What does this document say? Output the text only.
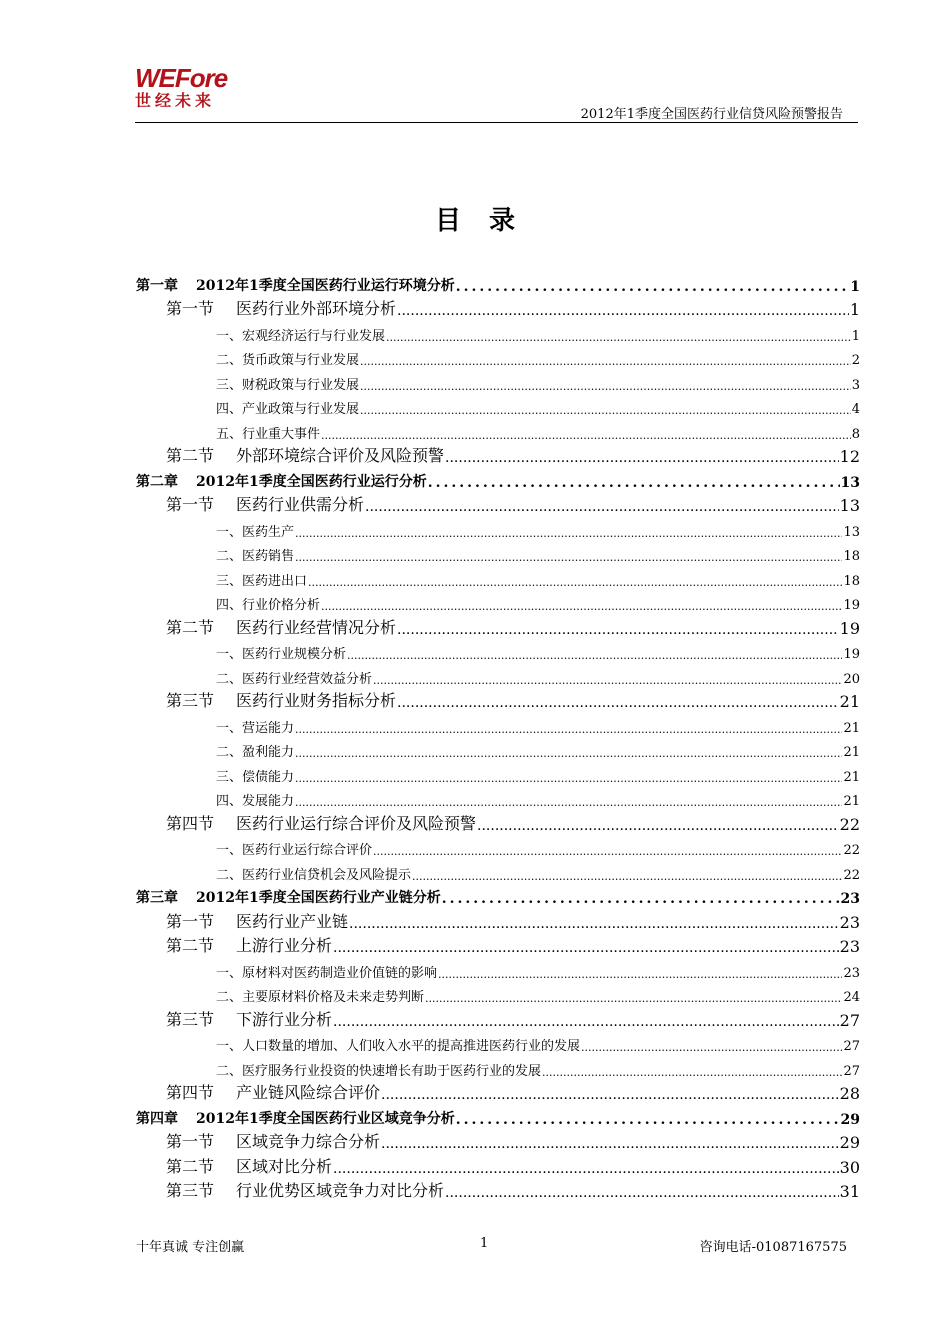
WEFore
世经未来
2012年1季度全国医药行业信贷风险预警报告
目录
第一章 2012年1季度全国医药行业运行环境分析 .....	1
第一节 医药行业外部环境分析 .....	1
一、宏观经济运行与行业发展 .....	1
二、货币政策与行业发展 .....	2
三、财税政策与行业发展 .....	3
四、产业政策与行业发展 .....	4
五、行业重大事件 .....	8
第二节 外部环境综合评价及风险预警 .....	12
第二章 2012年1季度全国医药行业运行分析 .....	13
第一节 医药行业供需分析 .....	13
一、医药生产 .....	13
二、医药销售 .....	18
三、医药进出口 .....	18
四、行业价格分析 .....	19
第二节 医药行业经营情况分析 .....	19
一、医药行业规模分析 .....	19
二、医药行业经营效益分析 .....	20
第三节 医药行业财务指标分析 .....	21
一、营运能力 .....	21
二、盈利能力 .....	21
三、偿债能力 .....	21
四、发展能力 .....	21
第四节 医药行业运行综合评价及风险预警 .....	22
一、医药行业运行综合评价 .....	22
二、医药行业信贷机会及风险提示 .....	22
第三章 2012年1季度全国医药行业产业链分析 .....	23
第一节 医药行业产业链 .....	23
第二节 上游行业分析 .....	23
一、原材料对医药制造业价值链的影响 .....	23
二、主要原材料价格及未来走势判断 .....	24
第三节 下游行业分析 .....	27
一、人口数量的增加、人们收入水平的提高推进医药行业的发展 .....	27
二、医疗服务行业投资的快速增长有助于医药行业的发展 .....	27
第四节 产业链风险综合评价 .....	28
第四章 2012年1季度全国医药行业区域竞争分析 .....	29
第一节 区域竞争力综合分析 .....	29
第二节 区域对比分析 .....	30
第三节 行业优势区域竞争力对比分析 .....	31
十年真诚 专注创赢	1	咨询电话-01087167575
